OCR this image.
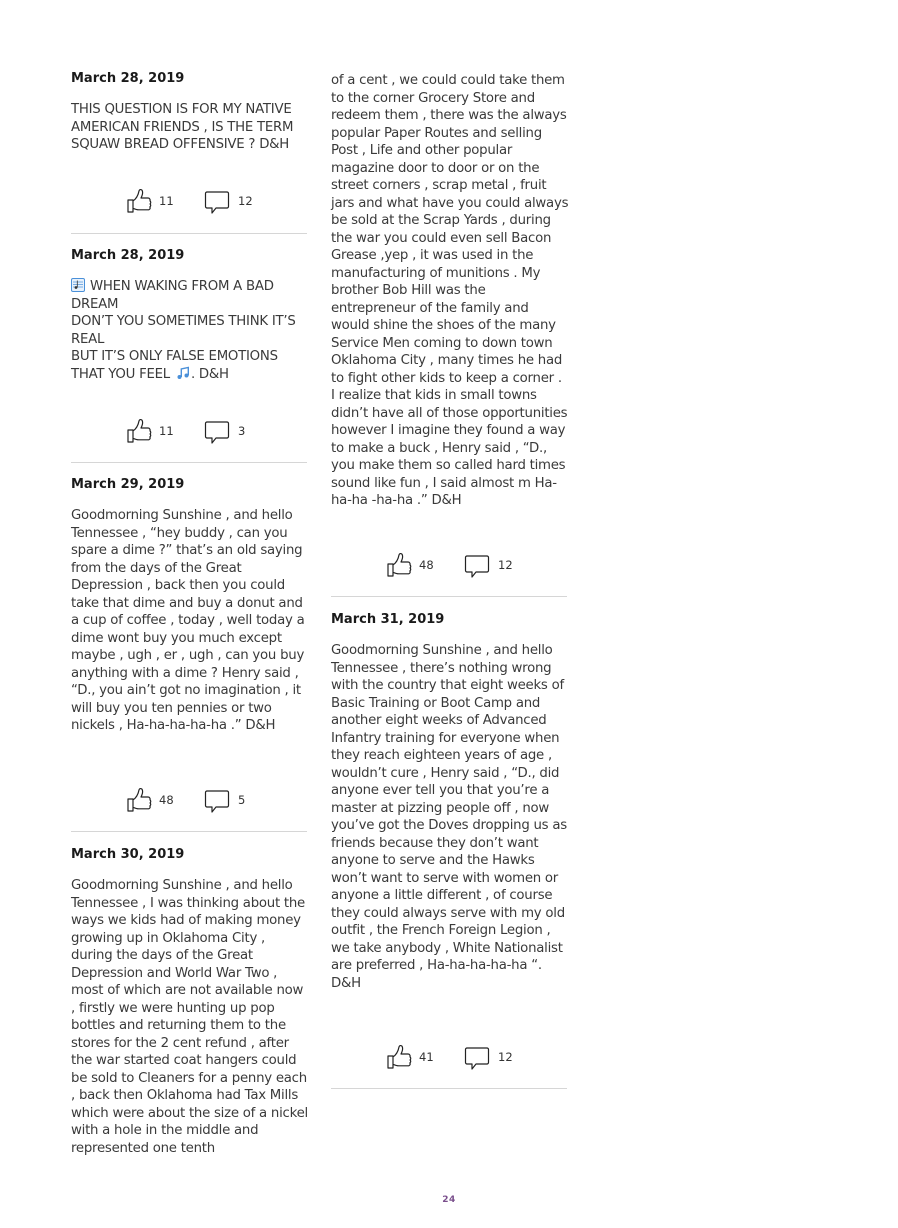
March 28, 2019

THIS QUESTION IS FOR MY NATIVE AMERICAN FRIENDS , IS THE TERM SQUAW BREAD OFFENSIVE ? D&H

11	12

March 28, 2019

WHEN WAKING FROM A BAD DREAM
DON’T YOU SOMETIMES THINK IT’S REAL
BUT IT’S ONLY FALSE EMOTIONS THAT YOU FEEL . D&H

11	3

March 29, 2019

Goodmorning Sunshine , and hello Tennessee , “hey buddy , can you spare a dime ?” that’s an old saying from the days of the Great Depression , back then you could take that dime and buy a donut and a cup of coffee , today , well today a dime wont buy you much except maybe , ugh , er , ugh , can you buy anything with a dime ? Henry said , “D., you ain’t got no imagination , it will buy you ten pennies or two nickels , Ha-ha-ha-ha-ha .” D&H

48	5

March 30, 2019

Goodmorning Sunshine , and hello Tennessee , I was thinking about the ways we kids had of making money growing up in Oklahoma City , during the days of the Great Depression and World War Two , most of which are not available now , firstly we were hunting up pop bottles and returning them to the stores for the 2 cent refund , after the war started coat hangers could be sold to Cleaners for a penny each , back then Oklahoma had Tax Mills which were about the size of a nickel with a hole in the middle and represented one tenth

of a cent , we could could take them to the corner Grocery Store and redeem them , there was the always popular Paper Routes and selling Post , Life and other popular magazine door to door or on the street corners , scrap metal , fruit jars and what have you could always be sold at the Scrap Yards , during the war you could even sell Bacon Grease ,yep , it was used in the manufacturing of munitions . My brother Bob Hill was the entrepreneur of the family and would shine the shoes of the many Service Men coming to down town Oklahoma City , many times he had to fight other kids to keep a corner . I realize that kids in small towns didn’t have all of those opportunities however I imagine they found a way to make a buck , Henry said , “D., you make them so called hard times sound like fun , I said almost m Ha-ha-ha -ha-ha .” D&H

48	12

March 31, 2019

Goodmorning Sunshine , and hello Tennessee , there’s nothing wrong with the country that eight weeks of Basic Training or Boot Camp and another eight weeks of Advanced Infantry training for everyone when they reach eighteen years of age , wouldn’t cure , Henry said , “D., did anyone ever tell you that you’re a master at pizzing people off , now you’ve got the Doves dropping us as friends because they don’t want anyone to serve and the Hawks won’t want to serve with women or anyone a little different , of course they could always serve with my old outfit , the French Foreign Legion , we take anybody , White Nationalist are preferred , Ha-ha-ha-ha-ha “. D&H

41	12
24
